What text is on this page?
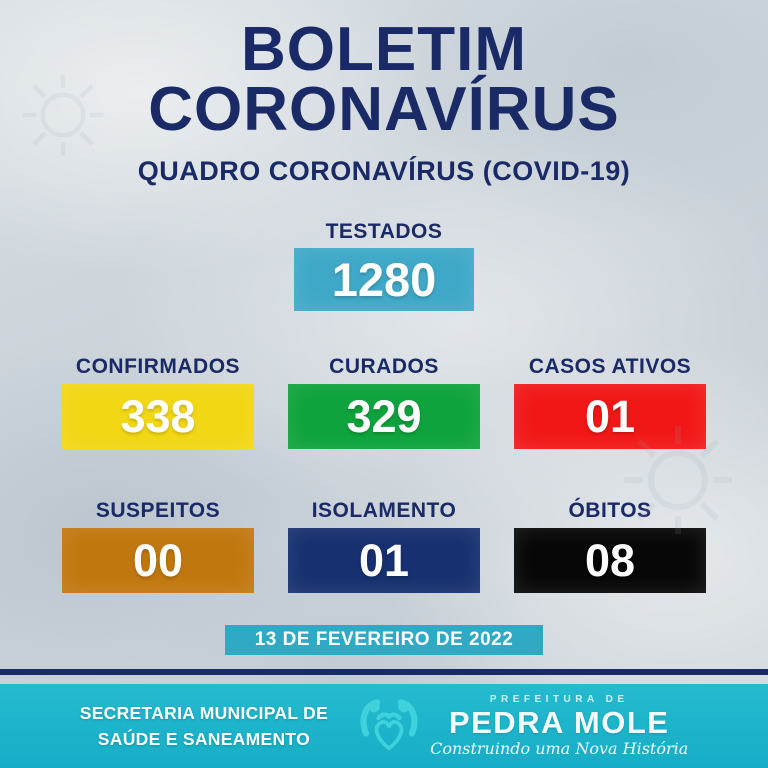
BOLETIM
CORONAVÍRUS
QUADRO CORONAVÍRUS (COVID-19)
TESTADOS
1280
CONFIRMADOS
338
CURADOS
329
CASOS ATIVOS
01
SUSPEITOS
00
ISOLAMENTO
01
ÓBITOS
08
13 DE FEVEREIRO DE 2022
SECRETARIA MUNICIPAL DE
SAÚDE E SANEAMENTO
PREFEITURA DE
PEDRA MOLE
Construindo uma Nova História
